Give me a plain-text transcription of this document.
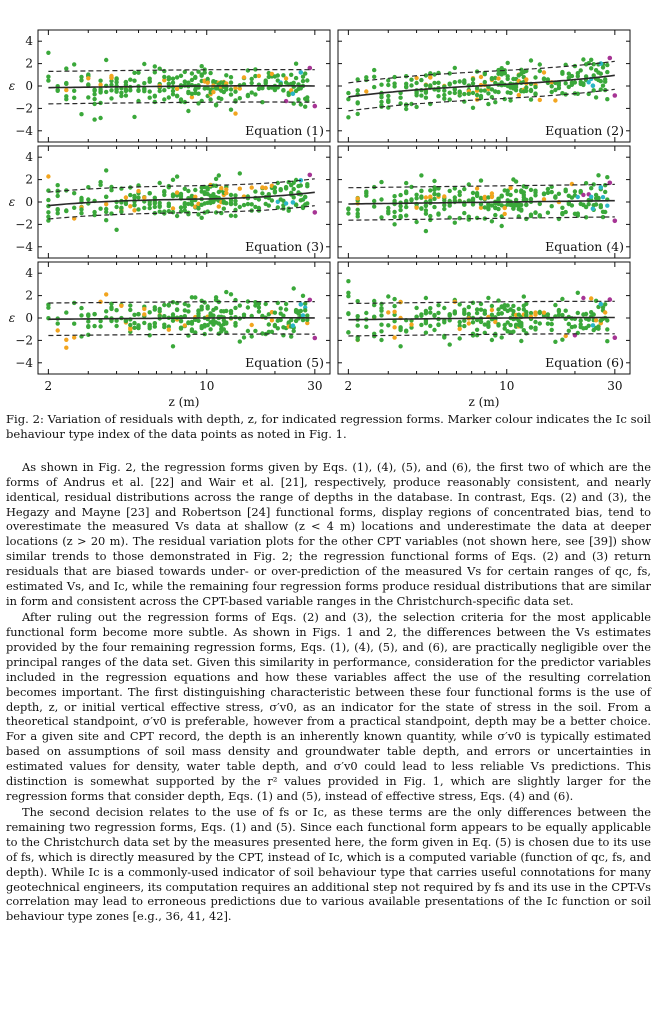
4
2
0
−2
−4
ε
Equation (1)	Equation (2)
4
2
0
−2
−4
ε
Equation (3)	Equation (4)
4
2
0
−2
−4
ε
Equation (5)
2	10	30
z (m)
Equation (6)
2	10	30
z (m)
Fig. 2: Variation of residuals with depth, z, for indicated regression forms. Marker colour indicates the Ic soil behaviour type index of the data points as noted in Fig. 1.

As shown in Fig. 2, the regression forms given by Eqs. (1), (4), (5), and (6), the first two of which are the forms of Andrus et al. [22] and Wair et al. [21], respectively, produce reasonably consistent, and nearly identical, residual distributions across the range of depths in the database. In contrast, Eqs. (2) and (3), the Hegazy and Mayne [23] and Robertson [24] functional forms, display regions of concentrated bias, tend to overestimate the measured Vs data at shallow (z < 4 m) locations and underestimate the data at deeper locations (z > 20 m). The residual variation plots for the other CPT variables (not shown here, see [39]) show similar trends to those demonstrated in Fig. 2; the regression functional forms of Eqs. (2) and (3) return residuals that are biased towards under- or over-prediction of the measured Vs for certain ranges of qc, fs, estimated Vs, and Ic, while the remaining four regression forms produce residual distributions that are similar in form and consistent across the CPT-based variable ranges in the Christchurch-specific data set.

After ruling out the regression forms of Eqs. (2) and (3), the selection criteria for the most applicable functional form become more subtle. As shown in Figs. 1 and 2, the differences between the Vs estimates provided by the four remaining regression forms, Eqs. (1), (4), (5), and (6), are practically negligible over the principal ranges of the data set. Given this similarity in performance, consideration for the predictor variables included in the regression equations and how these variables affect the use of the resulting correlation becomes important. The first distinguishing characteristic between these four functional forms is the use of depth, z, or initial vertical effective stress, σ′v0, as an indicator for the state of stress in the soil. From a theoretical standpoint, σ′v0 is preferable, however from a practical standpoint, depth may be a better choice. For a given site and CPT record, the depth is an inherently known quantity, while σ′v0 is typically estimated based on assumptions of soil mass density and groundwater table depth, and errors or uncertainties in estimated values for density, water table depth, and σ′v0 could lead to less reliable Vs predictions. This distinction is somewhat supported by the r² values provided in Fig. 1, which are slightly larger for the regression forms that consider depth, Eqs. (1) and (5), instead of effective stress, Eqs. (4) and (6).

The second decision relates to the use of fs or Ic, as these terms are the only differences between the remaining two regression forms, Eqs. (1) and (5). Since each functional form appears to be equally applicable to the Christchurch data set by the measures presented here, the form given in Eq. (5) is chosen due to its use of fs, which is directly measured by the CPT, instead of Ic, which is a computed variable (function of qc, fs, and depth). While Ic is a commonly-used indicator of soil behaviour type that carries useful connotations for many geotechnical engineers, its computation requires an additional step not required by fs and its use in the CPT-Vs correlation may lead to erroneous predictions due to various available presentations of the Ic function or soil behaviour type zones [e.g., 36, 41, 42].
